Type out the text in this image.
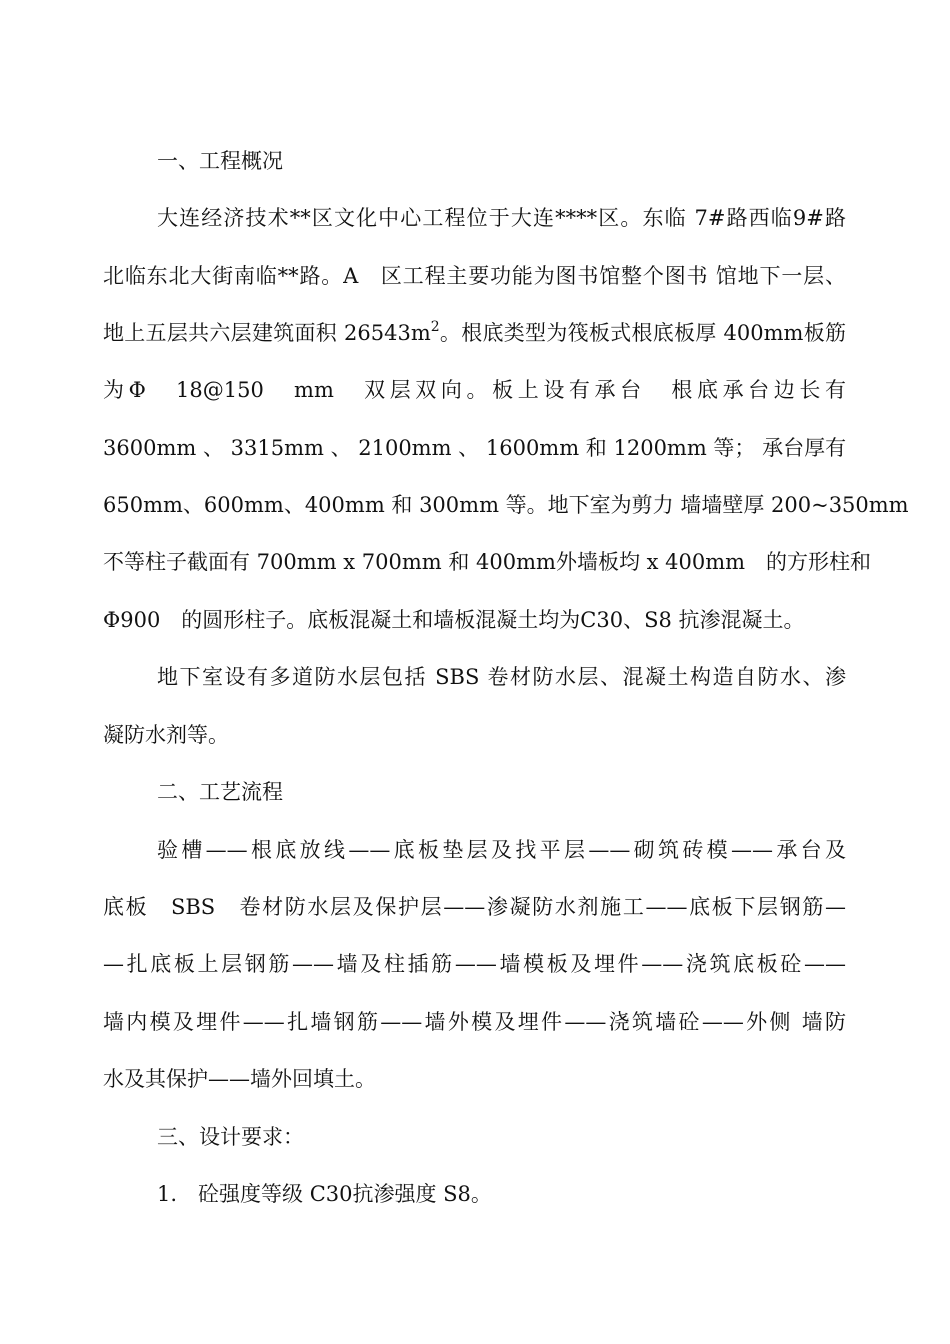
一、工程概况
大连经济技术**区文化中心工程位于大连****区。东临 7#路西临9#路
北临东北大街南临**路。A　区工程主要功能为图书馆整个图书 馆地下一层、
地上五层共六层建筑面积 $26543m^2$。根底类型为筏板式根底板厚 400mm板筋
为Φ　18@150　mm　双层双向。板上设有承台　根底承台边长有
3600mm 、 3315mm 、 2100mm 、 1600mm 和 1200mm 等； 承台厚有
650mm、600mm、400mm 和 300mm 等。地下室为剪力 墙墙壁厚 200~350mm
不等柱子截面有 700mm x 700mm 和 400mm外墙板均 x 400mm　的方形柱和
Φ900　的圆形柱子。底板混凝土和墙板混凝土均为C30、S8 抗渗混凝土。
地下室设有多道防水层包括 SBS 卷材防水层、混凝土构造自防水、渗
凝防水剂等。
二、工艺流程
验槽——根底放线——底板垫层及找平层——砌筑砖模——承台及
底板　SBS　卷材防水层及保护层——渗凝防水剂施工——底板下层钢筋—
—扎底板上层钢筋——墙及柱插筋——墙模板及埋件——浇筑底板砼——
墙内模及埋件——扎墙钢筋——墙外模及埋件——浇筑墙砼——外侧 墙防
水及其保护——墙外回填土。
三、设计要求：
1.　砼强度等级 C30抗渗强度 S8。
